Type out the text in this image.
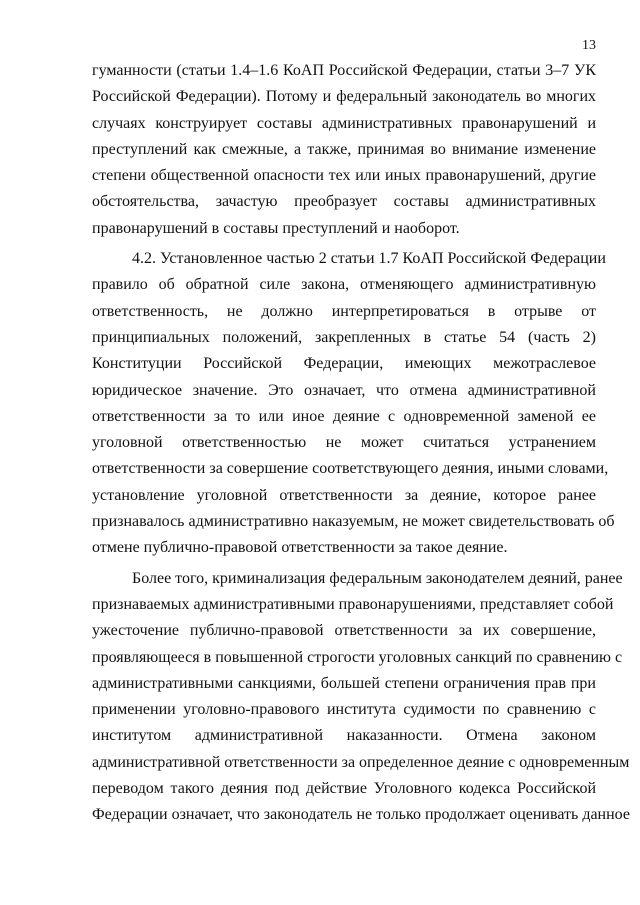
13
гуманности (статьи 1.4–1.6 КоАП Российской Федерации, статьи 3–7 УК
Российской Федерации). Потому и федеральный законодатель во многих
случаях конструирует составы административных правонарушений и
преступлений как смежные, а также, принимая во внимание изменение
степени общественной опасности тех или иных правонарушений, другие
обстоятельства, зачастую преобразует составы административных
правонарушений в составы преступлений и наоборот.
4.2. Установленное частью 2 статьи 1.7 КоАП Российской Федерации
правило об обратной силе закона, отменяющего административную
ответственность, не должно интерпретироваться в отрыве от
принципиальных положений, закрепленных в статье 54 (часть 2)
Конституции Российской Федерации, имеющих межотраслевое
юридическое значение. Это означает, что отмена административной
ответственности за то или иное деяние с одновременной заменой ее
уголовной ответственностью не может считаться устранением
ответственности за совершение соответствующего деяния, иными словами,
установление уголовной ответственности за деяние, которое ранее
признавалось административно наказуемым, не может свидетельствовать об
отмене публично-правовой ответственности за такое деяние.
Более того, криминализация федеральным законодателем деяний, ранее
признаваемых административными правонарушениями, представляет собой
ужесточение публично-правовой ответственности за их совершение,
проявляющееся в повышенной строгости уголовных санкций по сравнению с
административными санкциями, большей степени ограничения прав при
применении уголовно-правового института судимости по сравнению с
институтом административной наказанности. Отмена законом
административной ответственности за определенное деяние с одновременным
переводом такого деяния под действие Уголовного кодекса Российской
Федерации означает, что законодатель не только продолжает оценивать данное
